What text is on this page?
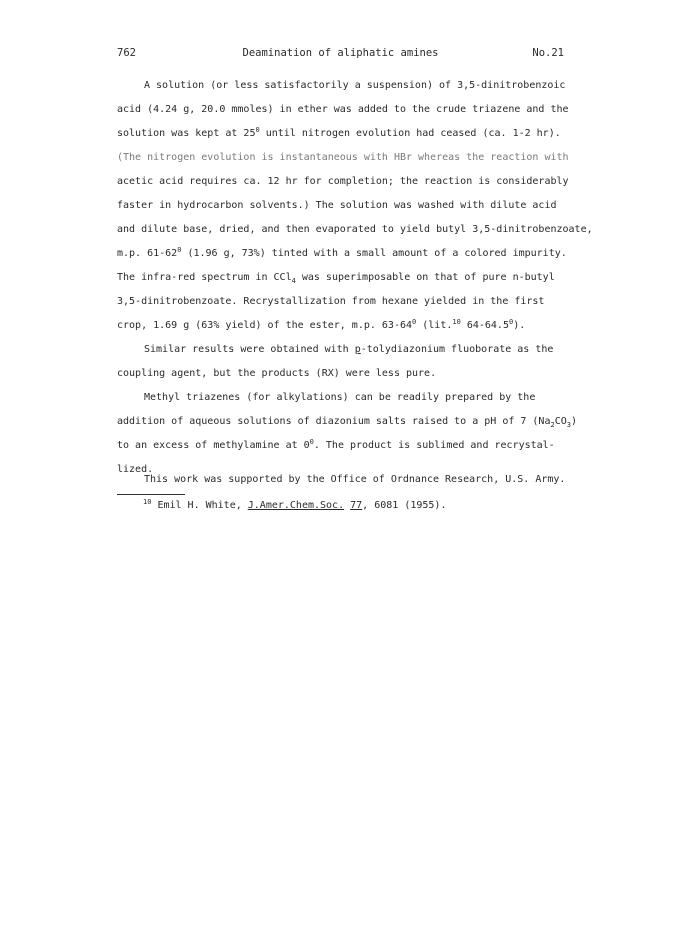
762	Deamination of aliphatic amines	No.21
A solution (or less satisfactorily a suspension) of 3,5-dinitrobenzoic
acid (4.24 g, 20.0 mmoles) in ether was added to the crude triazene and the
solution was kept at $25^0$ until nitrogen evolution had ceased (ca. 1-2 hr).
(The nitrogen evolution is instantaneous with HBr whereas the reaction with
acetic acid requires ca. 12 hr for completion; the reaction is considerably
faster in hydrocarbon solvents.) The solution was washed with dilute acid
and dilute base, dried, and then evaporated to yield butyl 3,5-dinitrobenzoate,
m.p. $61-62^0$ (1.96 g, 73%) tinted with a small amount of a colored impurity.
The infra-red spectrum in CCl$_4$ was superimposable on that of pure n-butyl
3,5-dinitrobenzoate. Recrystallization from hexane yielded in the first
crop, 1.69 g (63% yield) of the ester, m.p. $63-64^0$ (lit.$^{10}$ 64-64.5$^0$).
Similar results were obtained with p-tolydiazonium fluoborate as the
coupling agent, but the products (RX) were less pure.
Methyl triazenes (for alkylations) can be readily prepared by the
addition of aqueous solutions of diazonium salts raised to a pH of 7 $(Na_2CO_3)$
to an excess of methylamine at $0^0$. The product is sublimed and recrystal-
lized.
This work was supported by the Office of Ordnance Research, U.S. Army.
$^{10}$ Emil H. White, J.Amer.Chem.Soc. 77, 6081 (1955).
